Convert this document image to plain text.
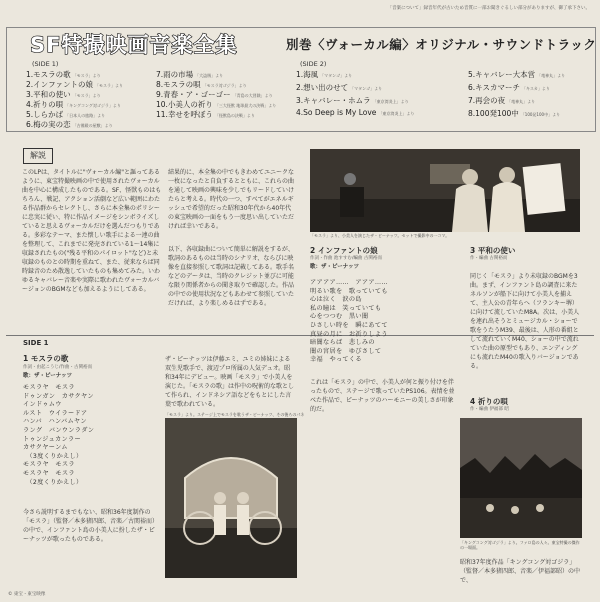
「音楽について」録音年代が古いため音質に一部お聞きぐるしい部分がありますが、御了承下さい。
SF特撮映画音楽全集	別巻〈ヴォーカル編〉オリジナル・サウンドトラック
(SIDE 1)	(SIDE 2)
1.モスラの歌 「モスラ」より
2.インファントの娘 「モスラ」より
3.平和の使い 「モスラ」より
4.祈りの唄 「キングコング対ゴジラ」より
5.しらかば 「日本人の旅路」より
6.梅の実の恋 「吉備殿の屋敷」より
7.雨の市場 「大盗賊」より
8.モスラの唄 「モスラ対ゴジラ」より
9.青春・ア・ゴーゴー 「青島の大冒険」より
10.小美人の祈り 「三大怪獣 地球最大の決戦」より
11.幸せを呼ぼう 「怪獣島の決戦」より
1.海風 「マタンゴ」より
2.想い出のせて 「マタンゴ」より
3.キャバレー・ホムラ 「東京湾炎上」より
4.So Deep is My Love 「東京湾炎上」より
5.キャバレー大本営 「竜神丸」より
6.キスカマーチ 「キスカ」より
7.再会の夜 「竜神丸」より
8.100発100中 「100発100中」より
解説
このLPは、タイトルに"ヴォーカル編"と謳ってあるように、東宝特撮映画の中で使用されたヴォーカル曲を中心に構成したものである。SF、怪獣ものはもちろん、戦記、アクション活劇など広い範囲にわたる作品群からセレクトし、さらに本全集のポリシーに忠実に従い、特に作品イメージをシンボライズしていると思えるヴォーカルだけを選んだつもりである。多彩なテーマ、また懐しい歌手による一連の曲を整理して、これまでに発売されている1〜14集に収録されたもの("残る平和のパイロット"など)と未収録のものとの時期を重ねて、また、従来ならば同時録音のため散逸していたものも集めてみた。いわゆるキャバレー音楽や実際に歌われたヴォーカルバージョンのBGMなども加えるようにしてある。
結果的に、本全集の中でもきわめてユニークな一枚になったと自負するとともに、これらの曲を通して映画の興味を少しでもリードしていけたらと考える。時代の一つ、すべてがエネルギッシュで希望的だった昭和30年代から40年代の東宝映画の一面をもう一度思い出していただければ幸いである。
以下、各収録曲について簡単に解説をするが、歌詞のあるものは当時のシナリオ、ならびに映像を直接参照して歌詞は記載してある。歌手名などのデータは、当時のクレジット並びに可能な限り関係者からの聞き取りで確認した。作品の中での使用状況などもあわせて参照していただければ、より楽しめるはずである。
「モスラ」より、小美人を演じたザ・ピーナッツ。セットで撮影中の一コマ。
SIDE 1
1 モスラの歌
作詞・由起こうじ/作曲・古関裕而
歌：ザ・ピーナッツ
モスラヤ　モスラ
ドゥンガン　カサクヤン
インドゥムウ
ルスト　ウイラードア
ハンバ　ハンバムヤン
ラング　バンウンラダン
トゥンジュカンラー
カサクヤーンム
　（3度くりかえし）
モスラヤ　モスラ
モスラヤ　モスラ
　（2度くりかえし）
今さら説明するまでもない、昭和36年度制作の「モスラ」（監督／本多猪四郎、音楽／古関裕而）の中で、インファント島の小美人に扮したザ・ピーナッツが歌ったものである。
ザ・ピーナッツは伊藤エミ、ユミの姉妹による双生児歌手で、渡辺プロ所属の人気デュオ。昭和34年にデビュー。映画「モスラ」で小美人を演じた。「モスラの歌」は作中の呪術的な歌として作られ、インドネシア語などをもとにした言葉で歌われている。
「モスラ」より。ステージ上でモスラを歌うザ・ピーナッツ、その後ろのパネル。
2 インファントの娘
作詞・作曲 池すすむ/編曲 古関裕而
歌：ザ・ピーナッツ
アアアア……　アアア……
明るい歌を　歌っていても
心は泣く　涙の島
私の瞳は　笑っていても
心をつつむ　黒い闇
ひさしい時を　瞬にあてて
真昼の月に　お祈りしよう
暗闇ならば　悲しみの
闇の宮居を　ゆびさして
幸福　やってくる
これは「モスラ」の中で、小美人が何と振り付けを伴ったもので、ステージで歌っていたPS106。表情を並べた作品で、ピーナッツのハーモニーの美しさが印象的だ。
3 平和の使い
作・編曲 古関裕而
同じく「モスラ」より未収録のBGMを3曲。まず、インファント島の調査に来たネルソンが船下に向けて小美人を捕えて、主人公の青年らへ（フランキー堺）に向けて流していたM8A。次は、小美人を連れ出そうとミュージカル・ショーで歌をうたうM39、最後は、人形の番組として流れていくM40、ショーの中で流れていた曲の原型でもあり、エンディングにも流れたM40の歌入りバージョンである。
4 祈りの唄
作・編曲 伊福部 昭
「キングコング対ゴジラ」より。ファロ島の人々。東宝特撮の傑作の一場面。
昭和37年度作品「キングコング対ゴジラ」（監督／本多猪四郎、音楽／伊福部昭）の中で、
© 東宝・東宝映像
